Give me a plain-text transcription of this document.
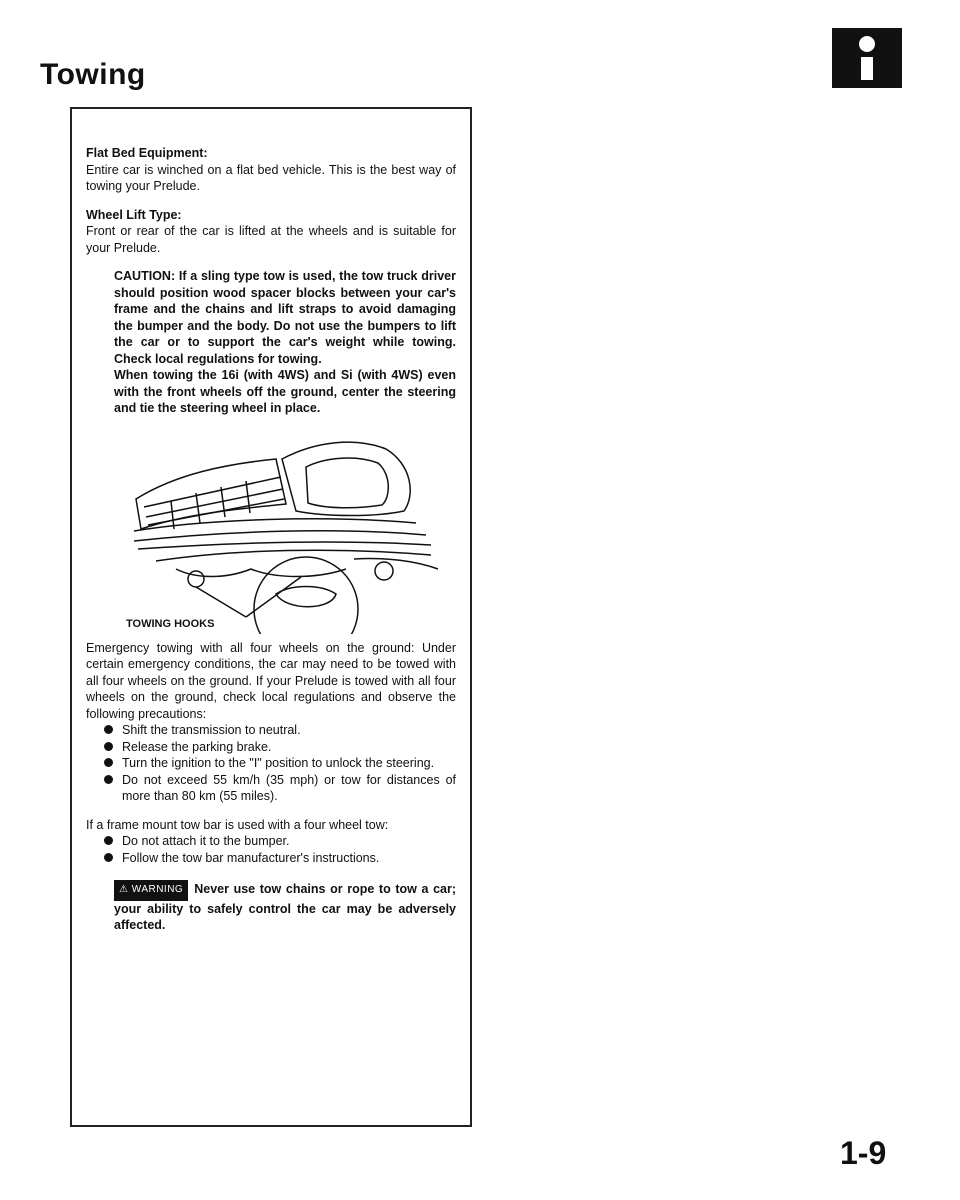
Towing

Flat Bed Equipment:

Entire car is winched on a flat bed vehicle. This is the best way of towing your Prelude.

Wheel Lift Type:

Front or rear of the car is lifted at the wheels and is suitable for your Prelude.

CAUTION: If a sling type tow is used, the tow truck driver should position wood spacer blocks between your car's frame and the chains and lift straps to avoid damaging the bumper and the body. Do not use the bumpers to lift the car or to support the car's weight while towing. Check local regulations for towing.

When towing the 16i (with 4WS) and Si (with 4WS) even with the front wheels off the ground, center the steering and tie the steering wheel in place.

TOWING HOOKS

Emergency towing with all four wheels on the ground: Under certain emergency conditions, the car may need to be towed with all four wheels on the ground. If your Prelude is towed with all four wheels on the ground, check local regulations and observe the following precautions:

Shift the transmission to neutral.
Release the parking brake.
Turn the ignition to the "I" position to unlock the steering.
Do not exceed 55 km/h (35 mph) or tow for distances of more than 80 km (55 miles).

If a frame mount tow bar is used with a four wheel tow:

Do not attach it to the bumper.
Follow the tow bar manufacturer's instructions.

⚠ WARNING Never use tow chains or rope to tow a car; your ability to safely control the car may be adversely affected.

1-9
